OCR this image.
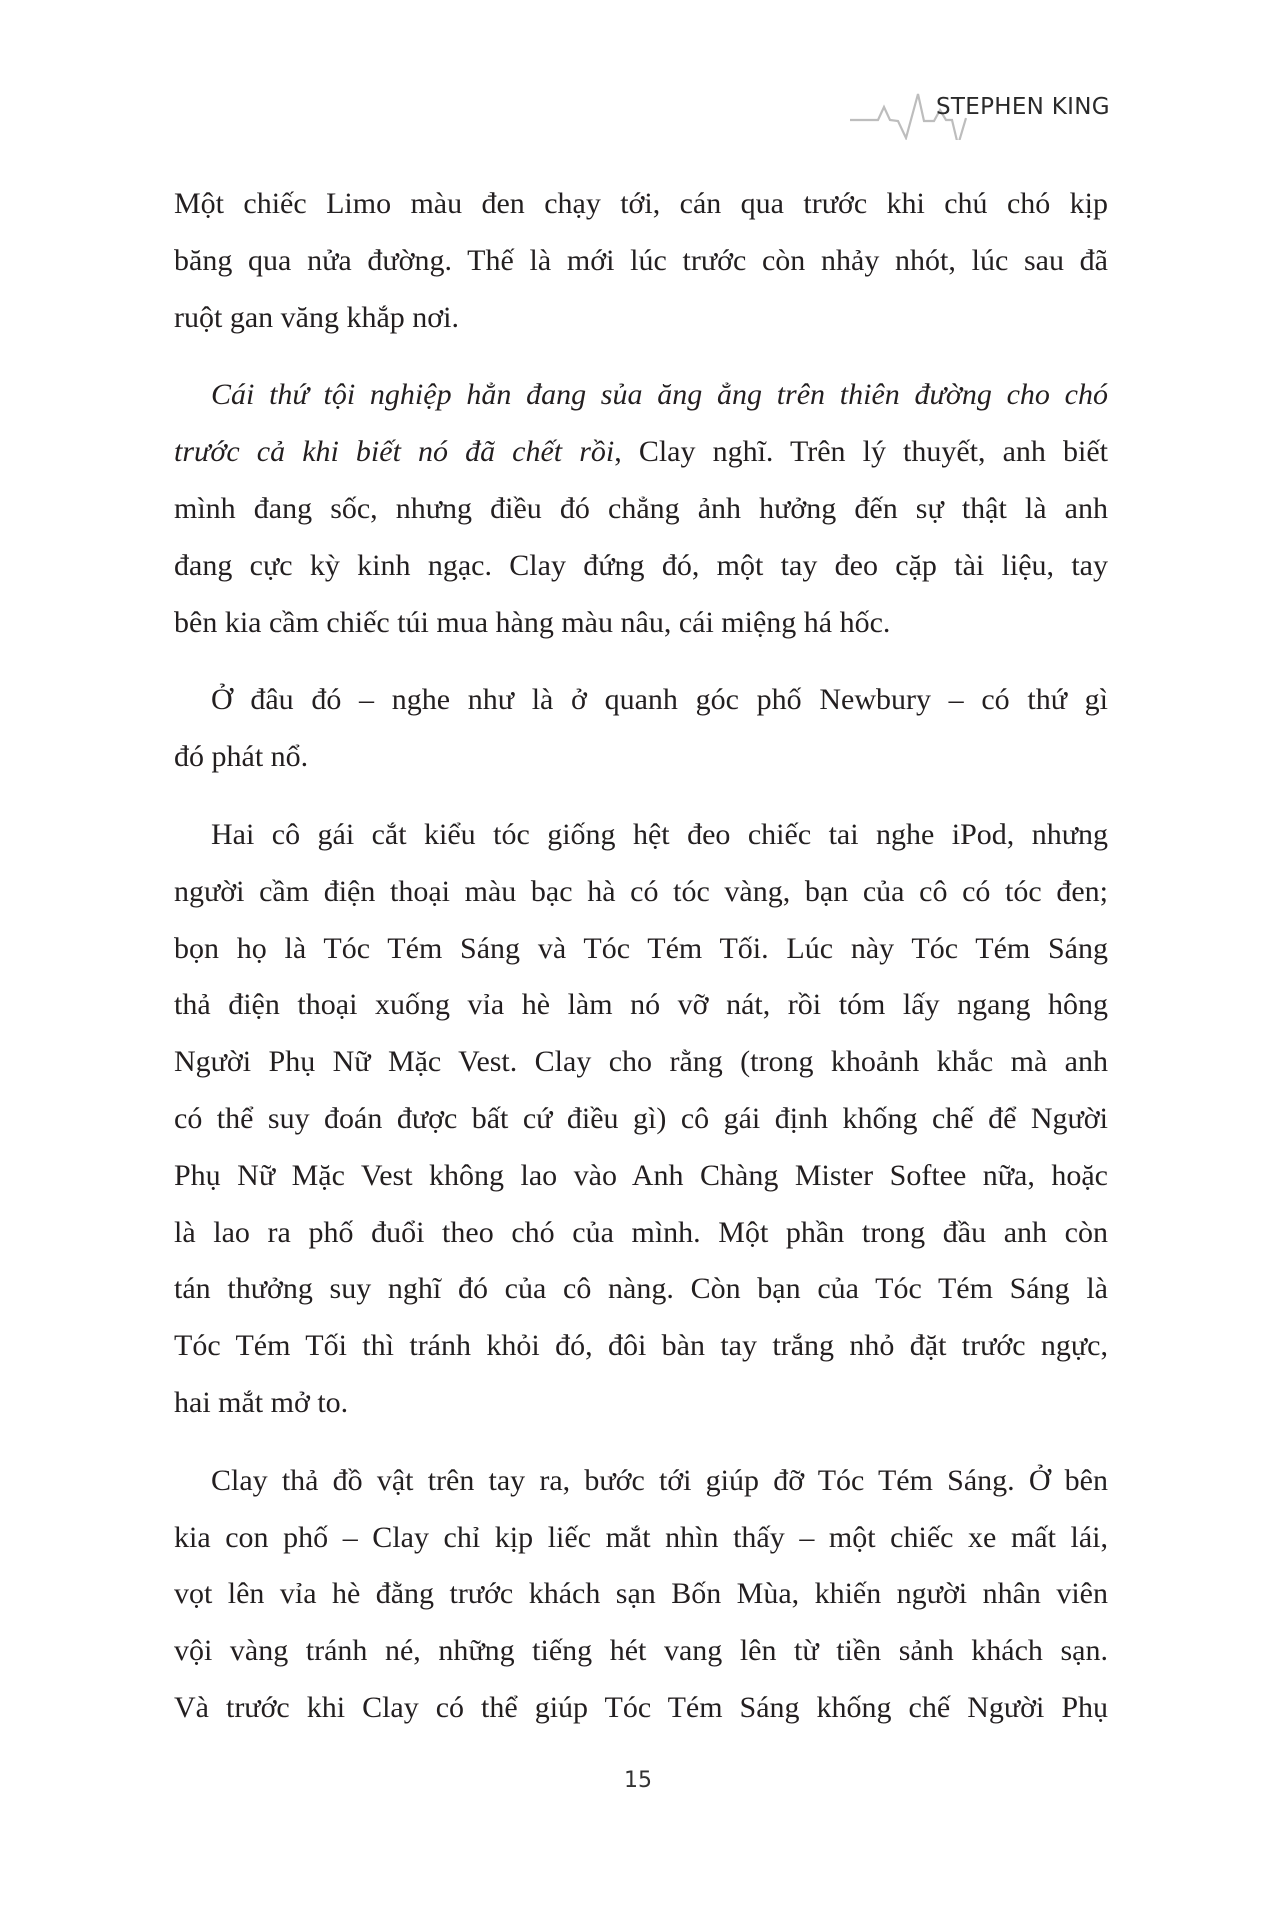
STEPHEN KING
Một chiếc Limo màu đen chạy tới, cán qua trước khi chú chó kịp
băng qua nửa đường. Thế là mới lúc trước còn nhảy nhót, lúc sau đã
ruột gan văng khắp nơi.
Cái thứ tội nghiệp hẳn đang sủa ăng ẳng trên thiên đường cho chó
trước cả khi biết nó đã chết rồi, Clay nghĩ. Trên lý thuyết, anh biết
mình đang sốc, nhưng điều đó chẳng ảnh hưởng đến sự thật là anh
đang cực kỳ kinh ngạc. Clay đứng đó, một tay đeo cặp tài liệu, tay
bên kia cầm chiếc túi mua hàng màu nâu, cái miệng há hốc.
Ở đâu đó – nghe như là ở quanh góc phố Newbury – có thứ gì
đó phát nổ.
Hai cô gái cắt kiểu tóc giống hệt đeo chiếc tai nghe iPod, nhưng
người cầm điện thoại màu bạc hà có tóc vàng, bạn của cô có tóc đen;
bọn họ là Tóc Tém Sáng và Tóc Tém Tối. Lúc này Tóc Tém Sáng
thả điện thoại xuống vỉa hè làm nó vỡ nát, rồi tóm lấy ngang hông
Người Phụ Nữ Mặc Vest. Clay cho rằng (trong khoảnh khắc mà anh
có thể suy đoán được bất cứ điều gì) cô gái định khống chế để Người
Phụ Nữ Mặc Vest không lao vào Anh Chàng Mister Softee nữa, hoặc
là lao ra phố đuổi theo chó của mình. Một phần trong đầu anh còn
tán thưởng suy nghĩ đó của cô nàng. Còn bạn của Tóc Tém Sáng là
Tóc Tém Tối thì tránh khỏi đó, đôi bàn tay trắng nhỏ đặt trước ngực,
hai mắt mở to.
Clay thả đồ vật trên tay ra, bước tới giúp đỡ Tóc Tém Sáng. Ở bên
kia con phố – Clay chỉ kịp liếc mắt nhìn thấy – một chiếc xe mất lái,
vọt lên vỉa hè đằng trước khách sạn Bốn Mùa, khiến người nhân viên
vội vàng tránh né, những tiếng hét vang lên từ tiền sảnh khách sạn.
Và trước khi Clay có thể giúp Tóc Tém Sáng khống chế Người Phụ
15
